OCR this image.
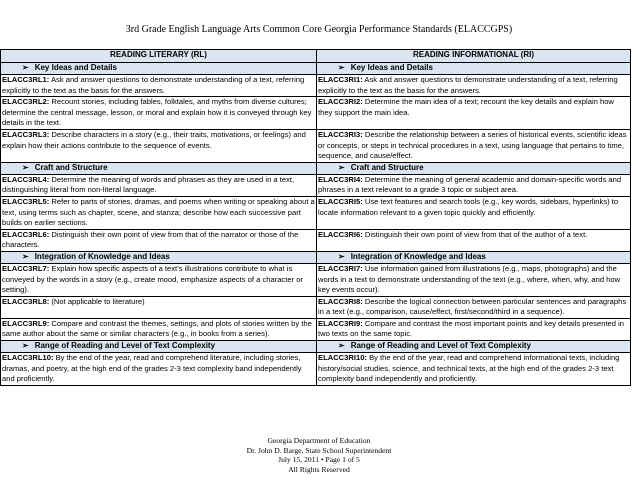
3rd Grade English Language Arts Common Core Georgia Performance Standards (ELACCGPS)
READING LITERARY (RL)	READING INFORMATIONAL (RI)
➢ Key Ideas and Details	➢ Key Ideas and Details
ELACC3RL1: Ask and answer questions to demonstrate understanding of a text, referring explicitly to the text as the basis for the answers.	ELACC3RI1: Ask and answer questions to demonstrate understanding of a text, referring explicitly to the text as the basis for the answers.
ELACC3RL2: Recount stories, including fables, folktales, and myths from diverse cultures; determine the central message, lesson, or moral and explain how it is conveyed through key details in the text.	ELACC3RI2: Determine the main idea of a text; recount the key details and explain how they support the main idea.
ELACC3RL3: Describe characters in a story (e.g., their traits, motivations, or feelings) and explain how their actions contribute to the sequence of events.	ELACC3RI3: Describe the relationship between a series of historical events, scientific ideas or concepts, or steps in technical procedures in a text, using language that pertains to time, sequence, and cause/effect.
➢ Craft and Structure	➢ Craft and Structure
ELACC3RL4: Determine the meaning of words and phrases as they are used in a text, distinguishing literal from non-literal language.	ELACC3RI4: Determine the meaning of general academic and domain-specific words and phrases in a text relevant to a grade 3 topic or subject area.
ELACC3RL5: Refer to parts of stories, dramas, and poems when writing or speaking about a text, using terms such as chapter, scene, and stanza; describe how each successive part builds on earlier sections.	ELACC3RI5: Use text features and search tools (e.g., key words, sidebars, hyperlinks) to locate information relevant to a given topic quickly and efficiently.
ELACC3RL6: Distinguish their own point of view from that of the narrator or those of the characters.	ELACC3RI6: Distinguish their own point of view from that of the author of a text.
➢ Integration of Knowledge and Ideas	➢ Integration of Knowledge and Ideas
ELACC3RL7: Explain how specific aspects of a text’s illustrations contribute to what is conveyed by the words in a story (e.g., create mood, emphasize aspects of a character or setting).	ELACC3RI7: Use information gained from illustrations (e.g., maps, photographs) and the words in a text to demonstrate understanding of the text (e.g., where, when, why, and how key events occur).
ELACC3RL8: (Not applicable to literature)	ELACC3RI8: Describe the logical connection between particular sentences and paragraphs in a text (e.g., comparison, cause/effect, first/second/third in a sequence).
ELACC3RL9: Compare and contrast the themes, settings, and plots of stories written by the same author about the same or similar characters (e.g., in books from a series).	ELACC3RI9: Compare and contrast the most important points and key details presented in two texts on the same topic.
➢ Range of Reading and Level of Text Complexity	➢ Range of Reading and Level of Text Complexity
ELACC3RL10: By the end of the year, read and comprehend literature, including stories, dramas, and poetry, at the high end of the grades 2-3 text complexity band independently and proficiently.	ELACC3RI10: By the end of the year, read and comprehend informational texts, including history/social studies, science, and technical texts, at the high end of the grades 2-3 text complexity band independently and proficiently.
Georgia Department of Education
Dr. John D. Barge, State School Superintendent
July 15, 2011 • Page 1 of 5
All Rights Reserved
